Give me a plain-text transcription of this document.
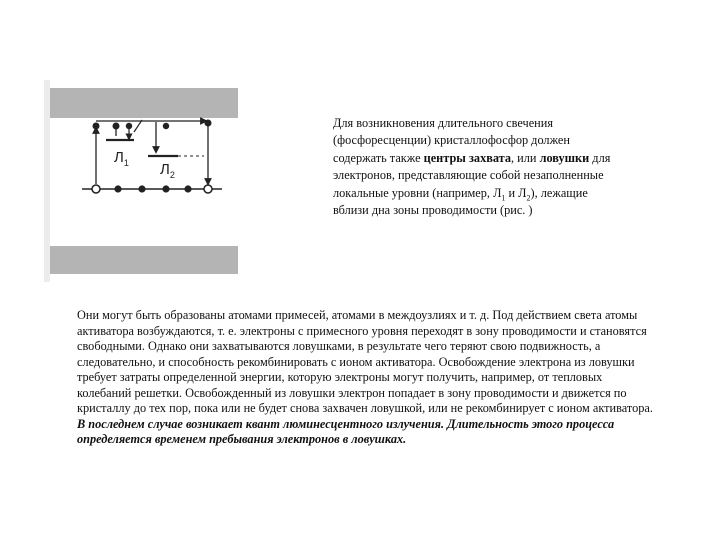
$Л_1$ $Л_2$

Для возникновения длительного свечения (фосфоресценции) кристаллофосфор должен содержать также центры захвата, или ловушки для электронов, представляющие собой незаполненные локальные уровни (например, $Л_1$ и $Л_2$), лежащие вблизи дна зоны проводимости (рис. )

Они могут быть образованы атомами примесей, атомами в междоузлиях и т. д. Под действием света атомы активатора возбуждаются, т. е. электроны с примесного уровня переходят в зону проводимости и становятся свободными. Однако они захватываются ловушками, в результате чего теряют свою подвижность, а следовательно, и способность рекомбинировать с ионом активатора. Освобождение электрона из ловушки требует затраты определенной энергии, которую электроны могут получить, например, от тепловых колебаний решетки. Освобожденный из ловушки электрон попадает в зону проводимости и движется по кристаллу до тех пор, пока или не будет снова захвачен ловушкой, или не рекомбинирует с ионом активатора. В последнем случае возникает квант люминесцентного излучения. Длительность этого процесса определяется временем пребывания электронов в ловушках.
